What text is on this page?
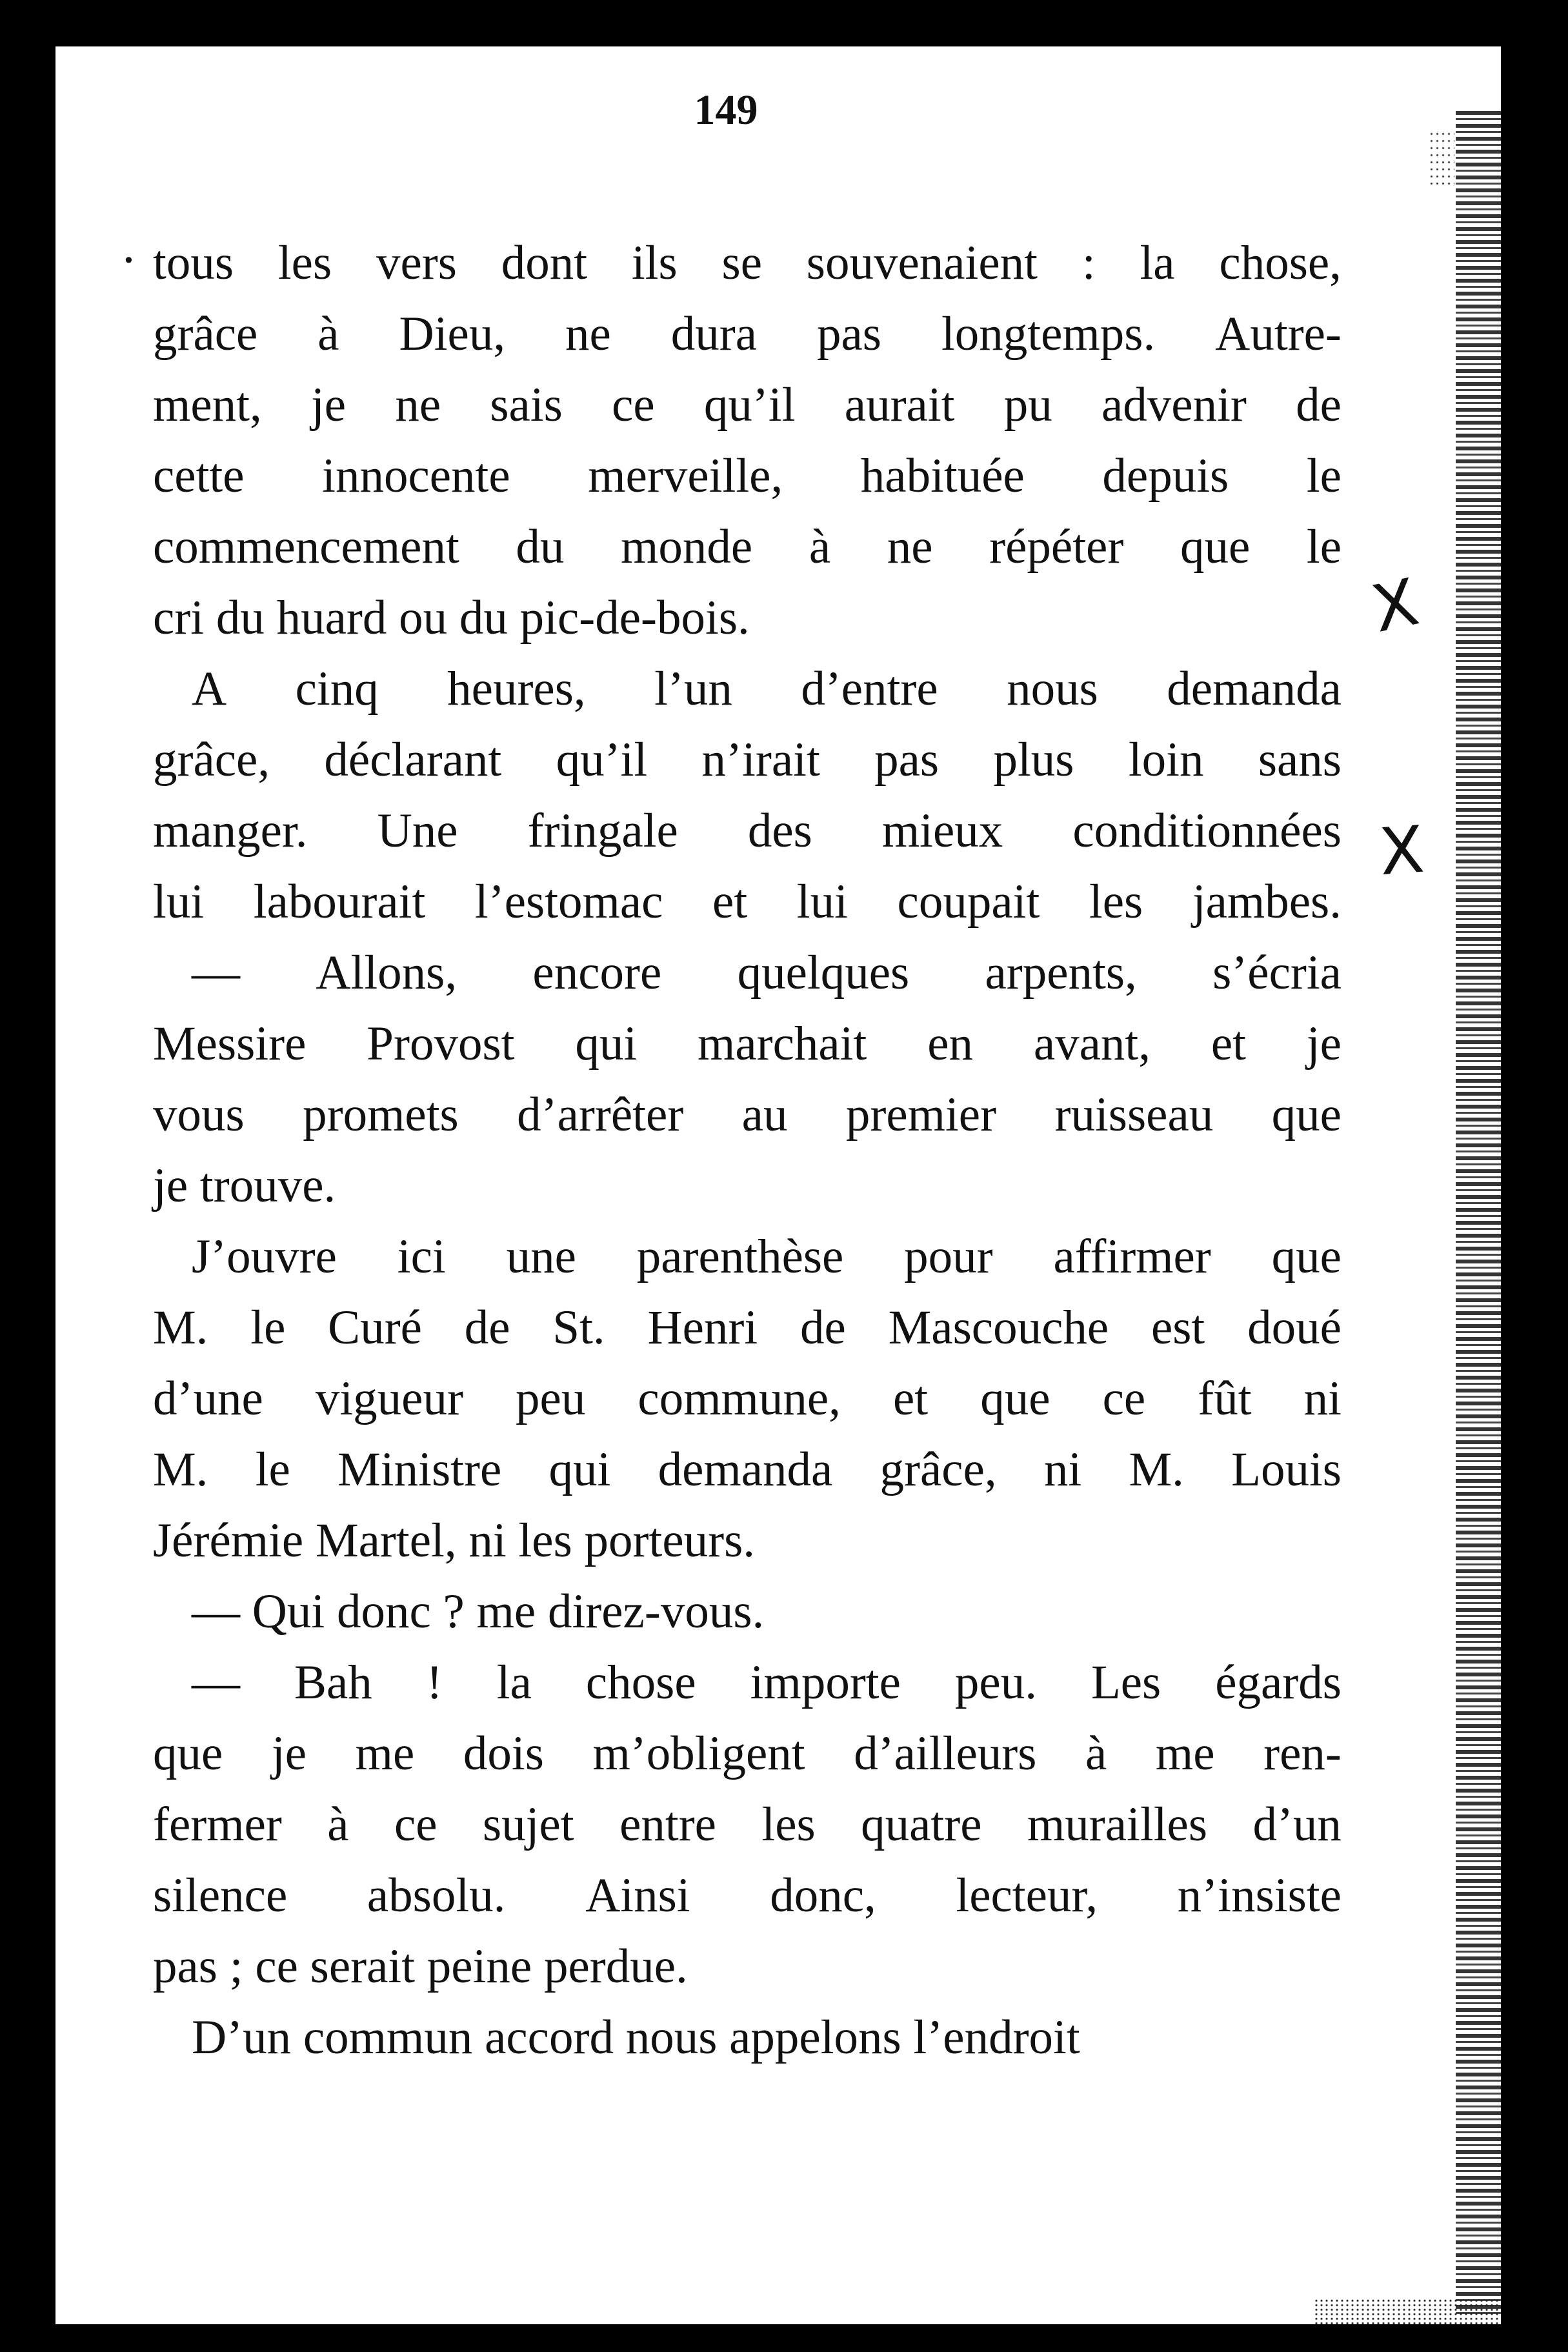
149
• tous les vers dont ils se souvenaient : la chose,
grâce à Dieu, ne dura pas longtemps. Autre-
ment, je ne sais ce qu’il aurait pu advenir de
cette innocente merveille, habituée depuis le
commencement du monde à ne répéter que le
cri du huard ou du pic-de-bois.
A cinq heures, l’un d’entre nous demanda
grâce, déclarant qu’il n’irait pas plus loin sans
manger. Une fringale des mieux conditionnées
lui labourait l’estomac et lui coupait les jambes.
— Allons, encore quelques arpents, s’écria
Messire Provost qui marchait en avant, et je
vous promets d’arrêter au premier ruisseau que
je trouve.
J’ouvre ici une parenthèse pour affirmer que
M. le Curé de St. Henri de Mascouche est doué
d’une vigueur peu commune, et que ce fût ni
M. le Ministre qui demanda grâce, ni M. Louis
Jérémie Martel, ni les porteurs.
— Qui donc ? me direz-vous.
— Bah ! la chose importe peu. Les égards
que je me dois m’obligent d’ailleurs à me ren-
fermer à ce sujet entre les quatre murailles d’un
silence absolu. Ainsi donc, lecteur, n’insiste
pas ; ce serait peine perdue.
D’un commun accord nous appelons l’endroit
X
X
